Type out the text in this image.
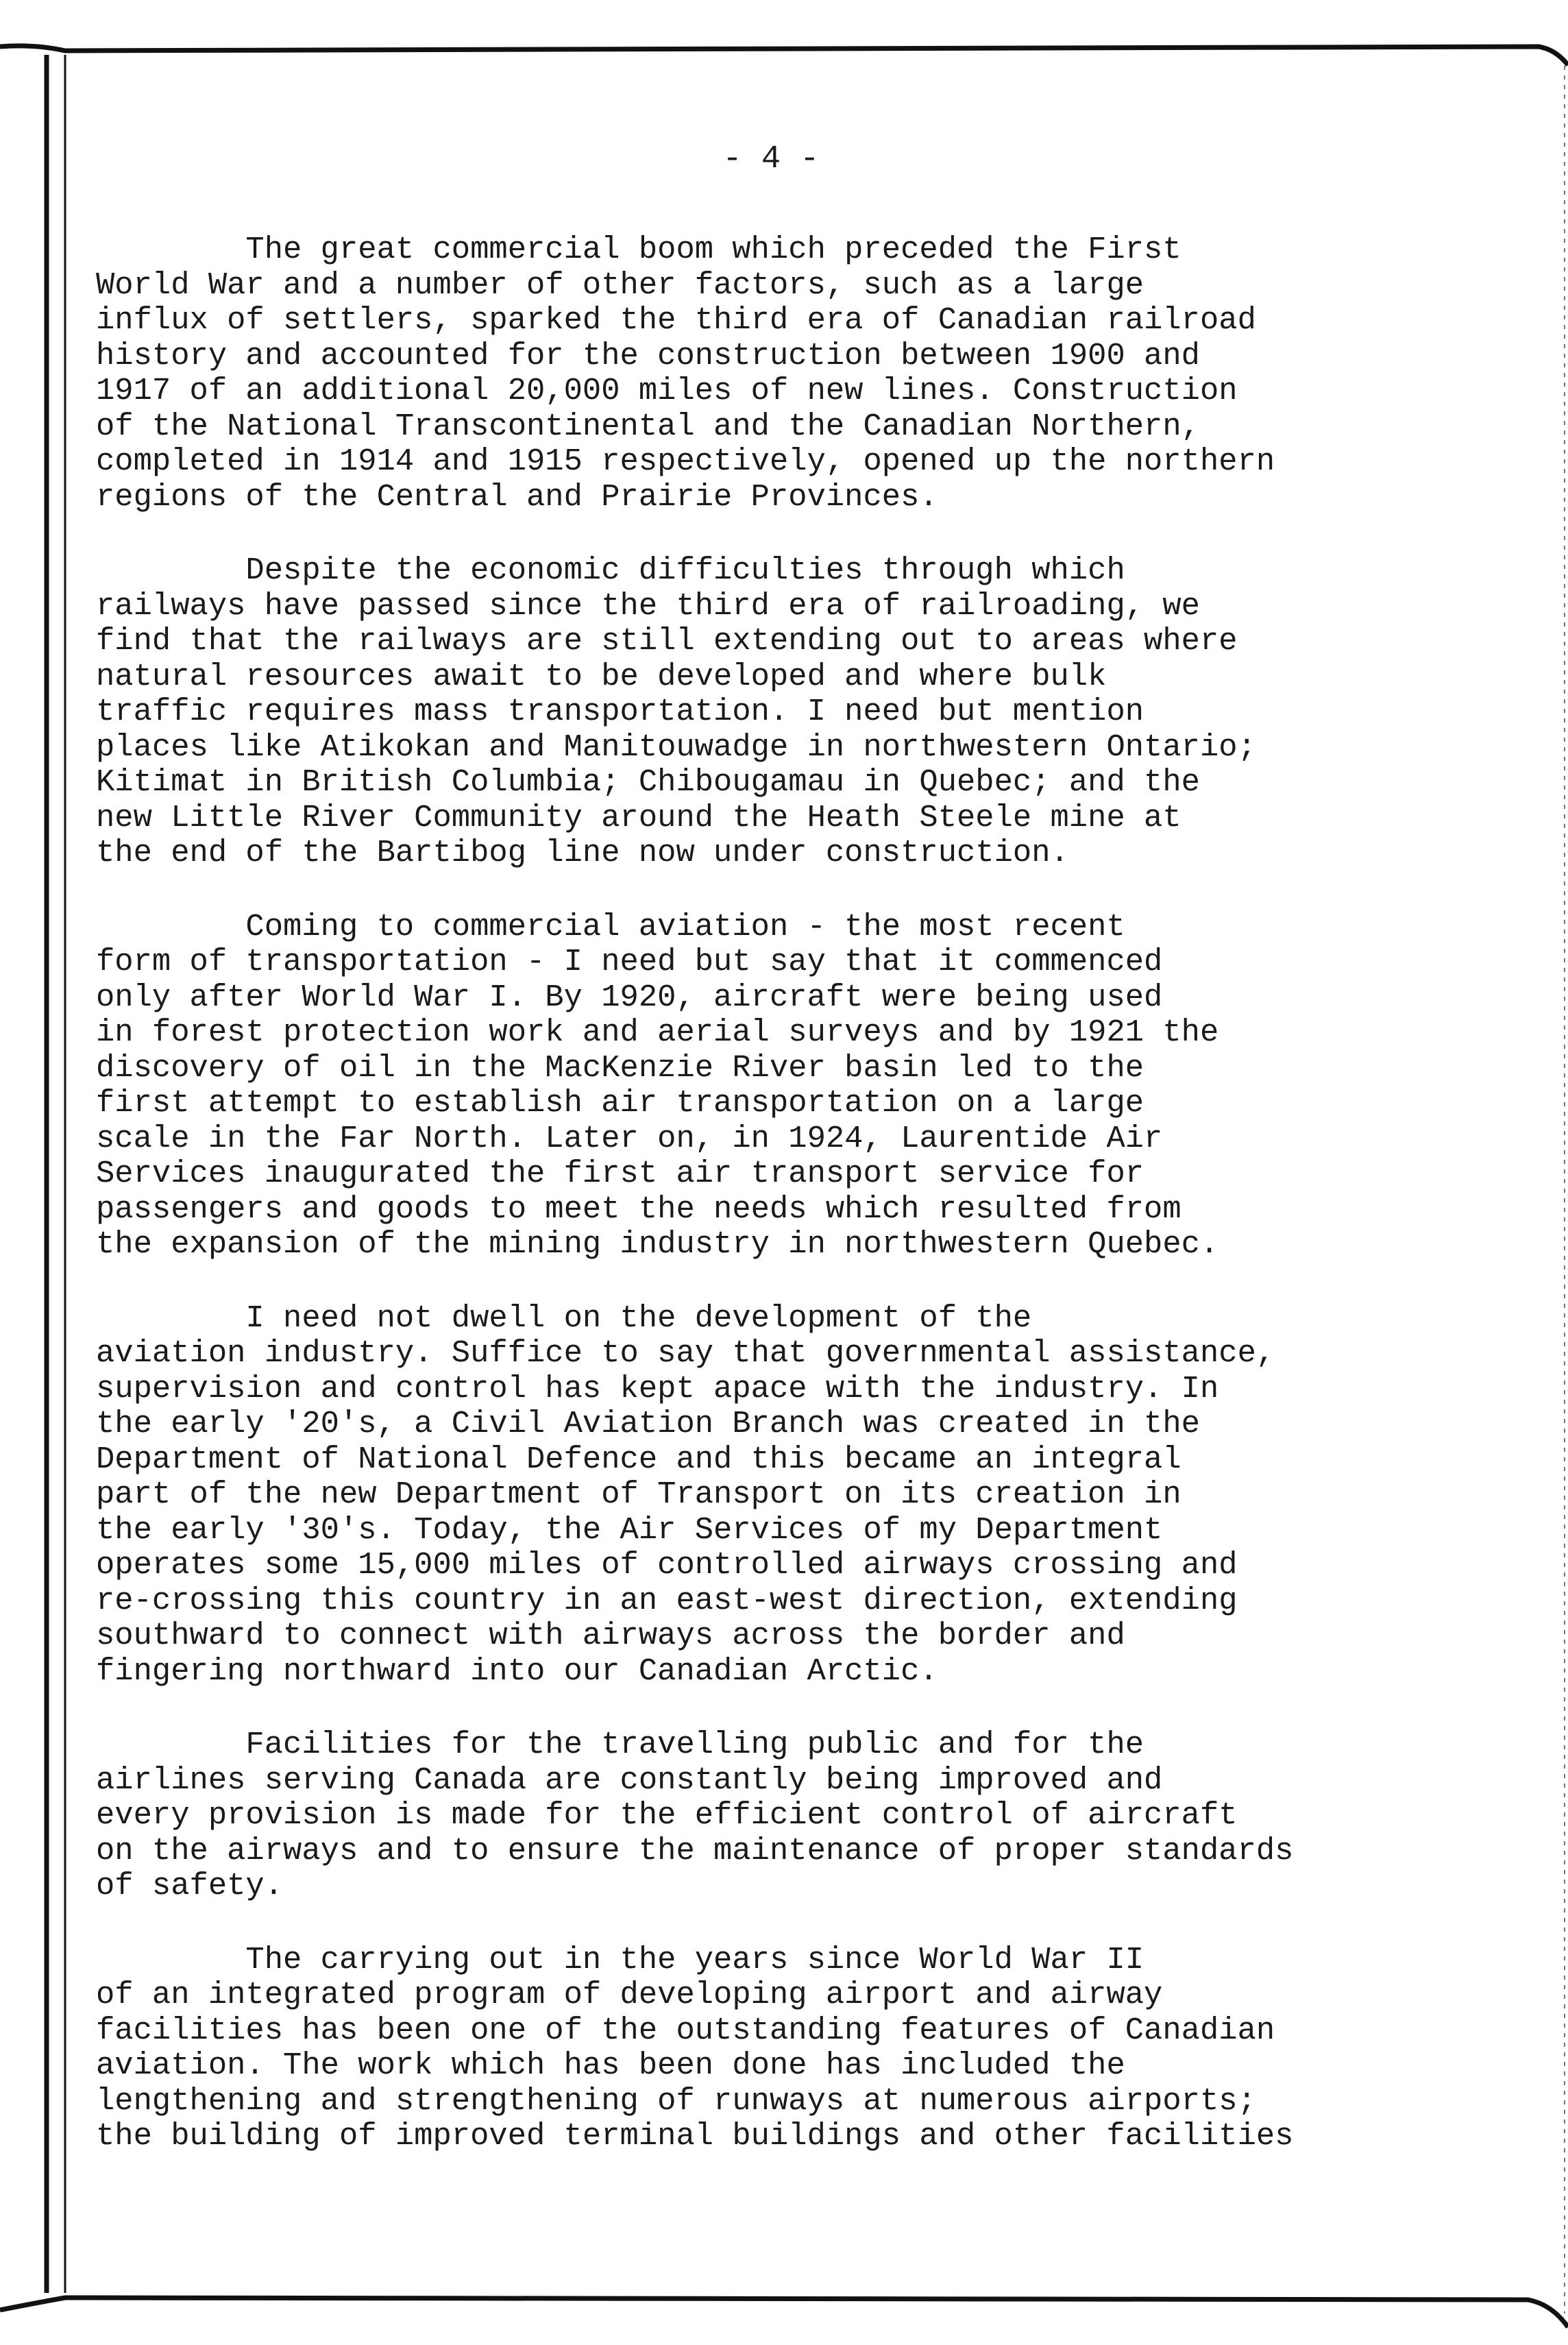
- 4 -
The great commercial boom which preceded the First
World War and a number of other factors, such as a large
influx of settlers, sparked the third era of Canadian railroad
history and accounted for the construction between 1900 and
1917 of an additional 20,000 miles of new lines. Construction
of the National Transcontinental and the Canadian Northern,
completed in 1914 and 1915 respectively, opened up the northern
regions of the Central and Prairie Provinces.
Despite the economic difficulties through which
railways have passed since the third era of railroading, we
find that the railways are still extending out to areas where
natural resources await to be developed and where bulk
traffic requires mass transportation. I need but mention
places like Atikokan and Manitouwadge in northwestern Ontario;
Kitimat in British Columbia; Chibougamau in Quebec; and the
new Little River Community around the Heath Steele mine at
the end of the Bartibog line now under construction.
Coming to commercial aviation - the most recent
form of transportation - I need but say that it commenced
only after World War I. By 1920, aircraft were being used
in forest protection work and aerial surveys and by 1921 the
discovery of oil in the MacKenzie River basin led to the
first attempt to establish air transportation on a large
scale in the Far North. Later on, in 1924, Laurentide Air
Services inaugurated the first air transport service for
passengers and goods to meet the needs which resulted from
the expansion of the mining industry in northwestern Quebec.
I need not dwell on the development of the
aviation industry. Suffice to say that governmental assistance,
supervision and control has kept apace with the industry. In
the early '20's, a Civil Aviation Branch was created in the
Department of National Defence and this became an integral
part of the new Department of Transport on its creation in
the early '30's. Today, the Air Services of my Department
operates some 15,000 miles of controlled airways crossing and
re-crossing this country in an east-west direction, extending
southward to connect with airways across the border and
fingering northward into our Canadian Arctic.
Facilities for the travelling public and for the
airlines serving Canada are constantly being improved and
every provision is made for the efficient control of aircraft
on the airways and to ensure the maintenance of proper standards
of safety.
The carrying out in the years since World War II
of an integrated program of developing airport and airway
facilities has been one of the outstanding features of Canadian
aviation. The work which has been done has included the
lengthening and strengthening of runways at numerous airports;
the building of improved terminal buildings and other facilities
